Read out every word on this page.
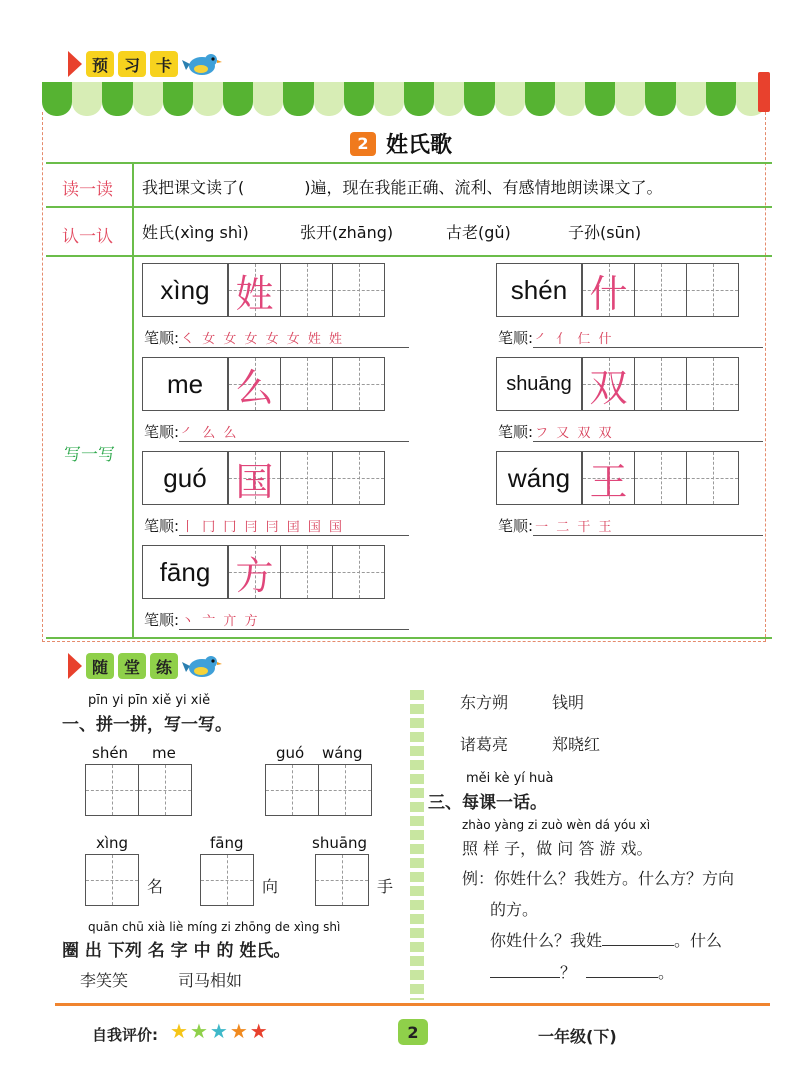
预 习 卡
2 姓氏歌
读一读 我把课文读了(	)遍，现在我能正确、流利、有感情地朗读课文了。
认一认 姓氏(xìng shì)	张开(zhāng)	古老(gǔ)	子孙(sūn)
写一写
xìng 姓
笔顺: ㇛ 女 女 女 女 女 姓 姓
me 么
笔顺: ㇒ 么 么
guó 国
笔顺: 丨 冂 冂 冃 冃 囯 国 国
fāng 方
笔顺: 丶 亠 亣 方
shén 什
笔顺: ㇒ 亻 仁 什
shuāng 双
笔顺: フ 又 双 双
wáng 王
笔顺: 一 二 干 王
随 堂 练
pīn yi pīn xiě yi xiě
一、拼一拼，写一写。
shén me	guó wáng
xìng	fāng	shuāng
名	向	手
quān chū xià liè míng zi zhōng de xìng shì
圈 出 下列 名 字 中 的 姓氏。
李笑笑	司马相如
东方朔	钱明
诸葛亮	郑晓红
měi kè yí huà
三、每课一话。
zhào yàng zi zuò wèn dá yóu xì
照 样 子，做 问 答 游 戏。
例：你姓什么？我姓方。什么方？方向
的方。
你姓什么？我姓	。什么
？	。
自我评价: ★ ★ ★ ★ ★	2	一年级(下)
